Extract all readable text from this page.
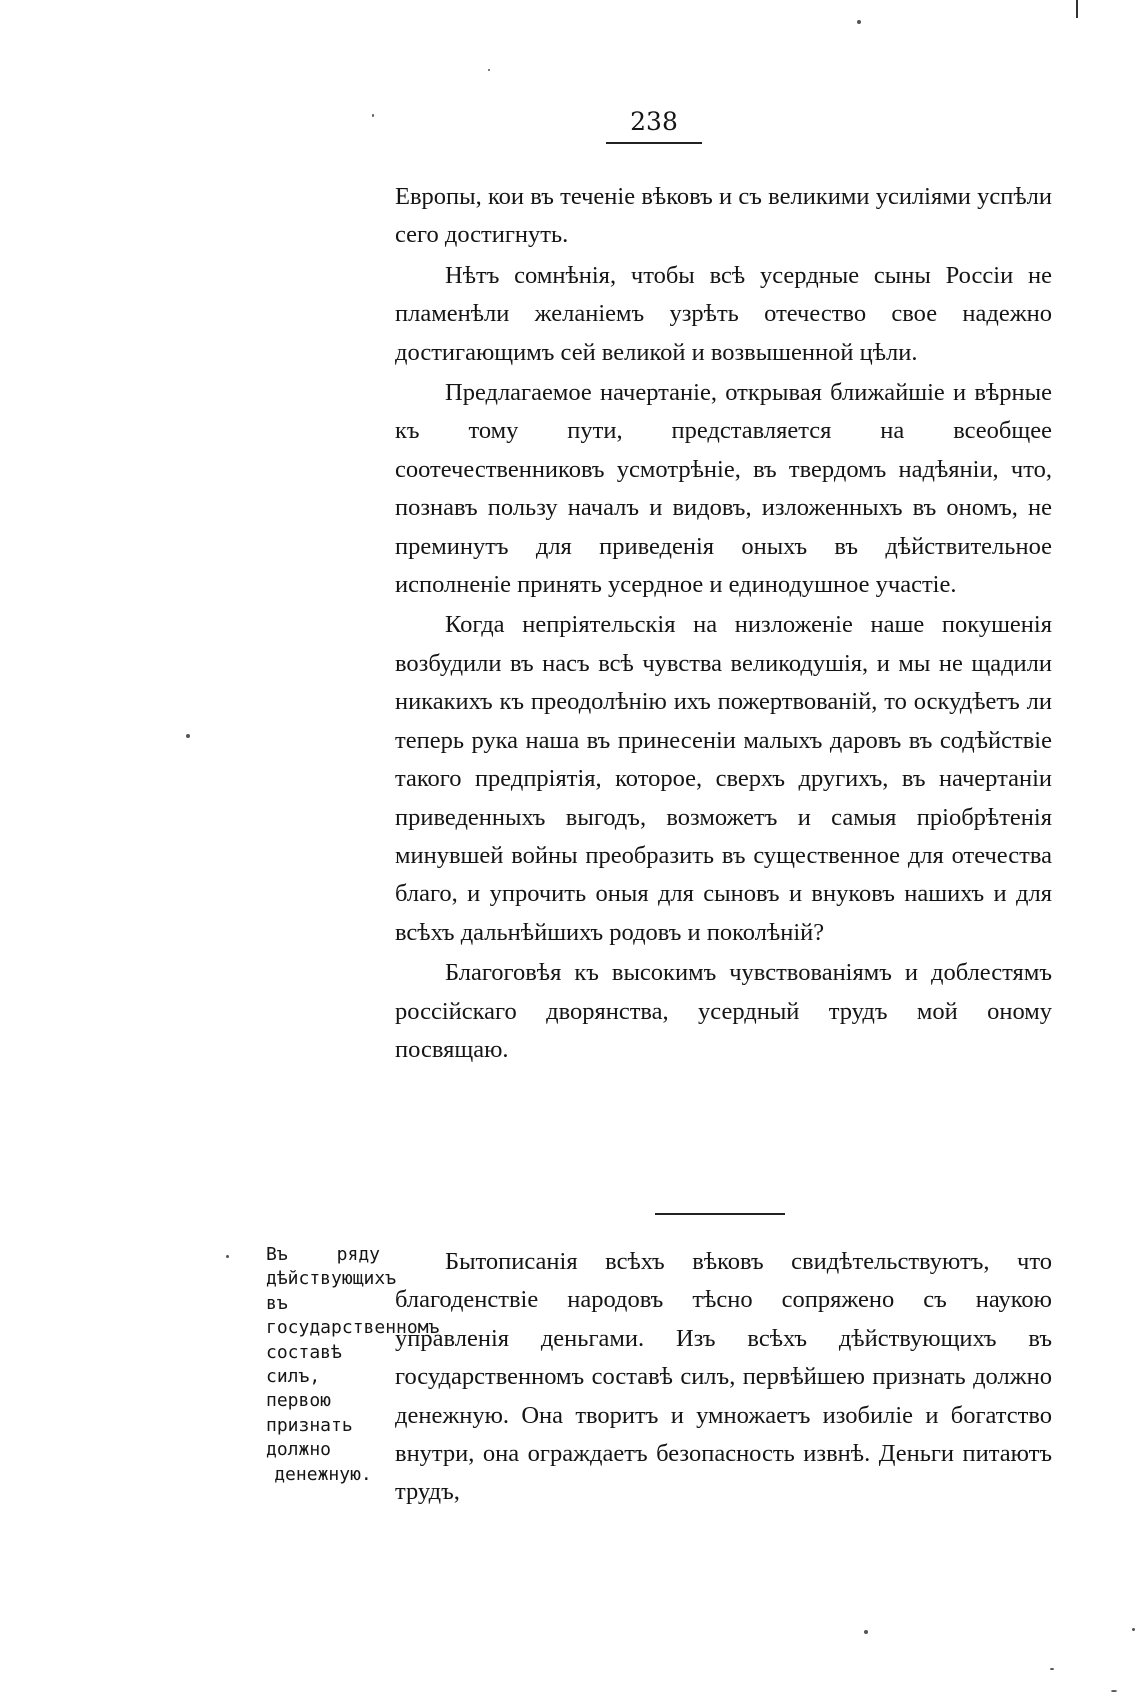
238

Европы, кои въ теченіе вѣковъ и съ великими усиліями успѣли сего достигнуть.

Нѣтъ сомнѣнія, чтобы всѣ усердные сыны Россіи не пламенѣли желаніемъ узрѣть отечество свое надежно достигающимъ сей великой и возвышенной цѣли.

Предлагаемое начертаніе, открывая ближайшіе и вѣрные къ тому пути, представляется на всеобщее соотечественниковъ усмотрѣніе, въ твердомъ надѣяніи, что, познавъ пользу началъ и видовъ, изложенныхъ въ ономъ, не преминутъ для приведенія оныхъ въ дѣйствительное исполненіе принять усердное и единодушное участіе.

Когда непріятельскія на низложеніе наше покушенія возбудили въ насъ всѣ чувства великодушія, и мы не щадили никакихъ къ преодолѣнію ихъ пожертвованій, то оскудѣетъ ли теперь рука наша въ принесеніи малыхъ даровъ въ содѣйствіе такого предпріятія, которое, сверхъ другихъ, въ начертаніи приведенныхъ выгодъ, возможетъ и самыя пріобрѣтенія минувшей войны преобразить въ существенное для отечества благо, и упрочить оныя для сыновъ и внуковъ нашихъ и для всѣхъ дальнѣйшихъ родовъ и поколѣній?

Благоговѣя къ высокимъ чувствованіямъ и доблестямъ россійскаго дворянства, усердный трудъ мой оному посвящаю.

Въ ряду дѣйствующихъ въ государственномъ составѣ силъ, первою признать должно денежную.

Бытописанія всѣхъ вѣковъ свидѣтельствуютъ, что благоденствіе народовъ тѣсно сопряжено съ наукою управленія деньгами. Изъ всѣхъ дѣйствующихъ въ государственномъ составѣ силъ, первѣйшею признать должно денежную. Она творитъ и умножаетъ изобиліе и богатство внутри, она ограждаетъ безопасность извнѣ. Деньги питаютъ трудъ,
